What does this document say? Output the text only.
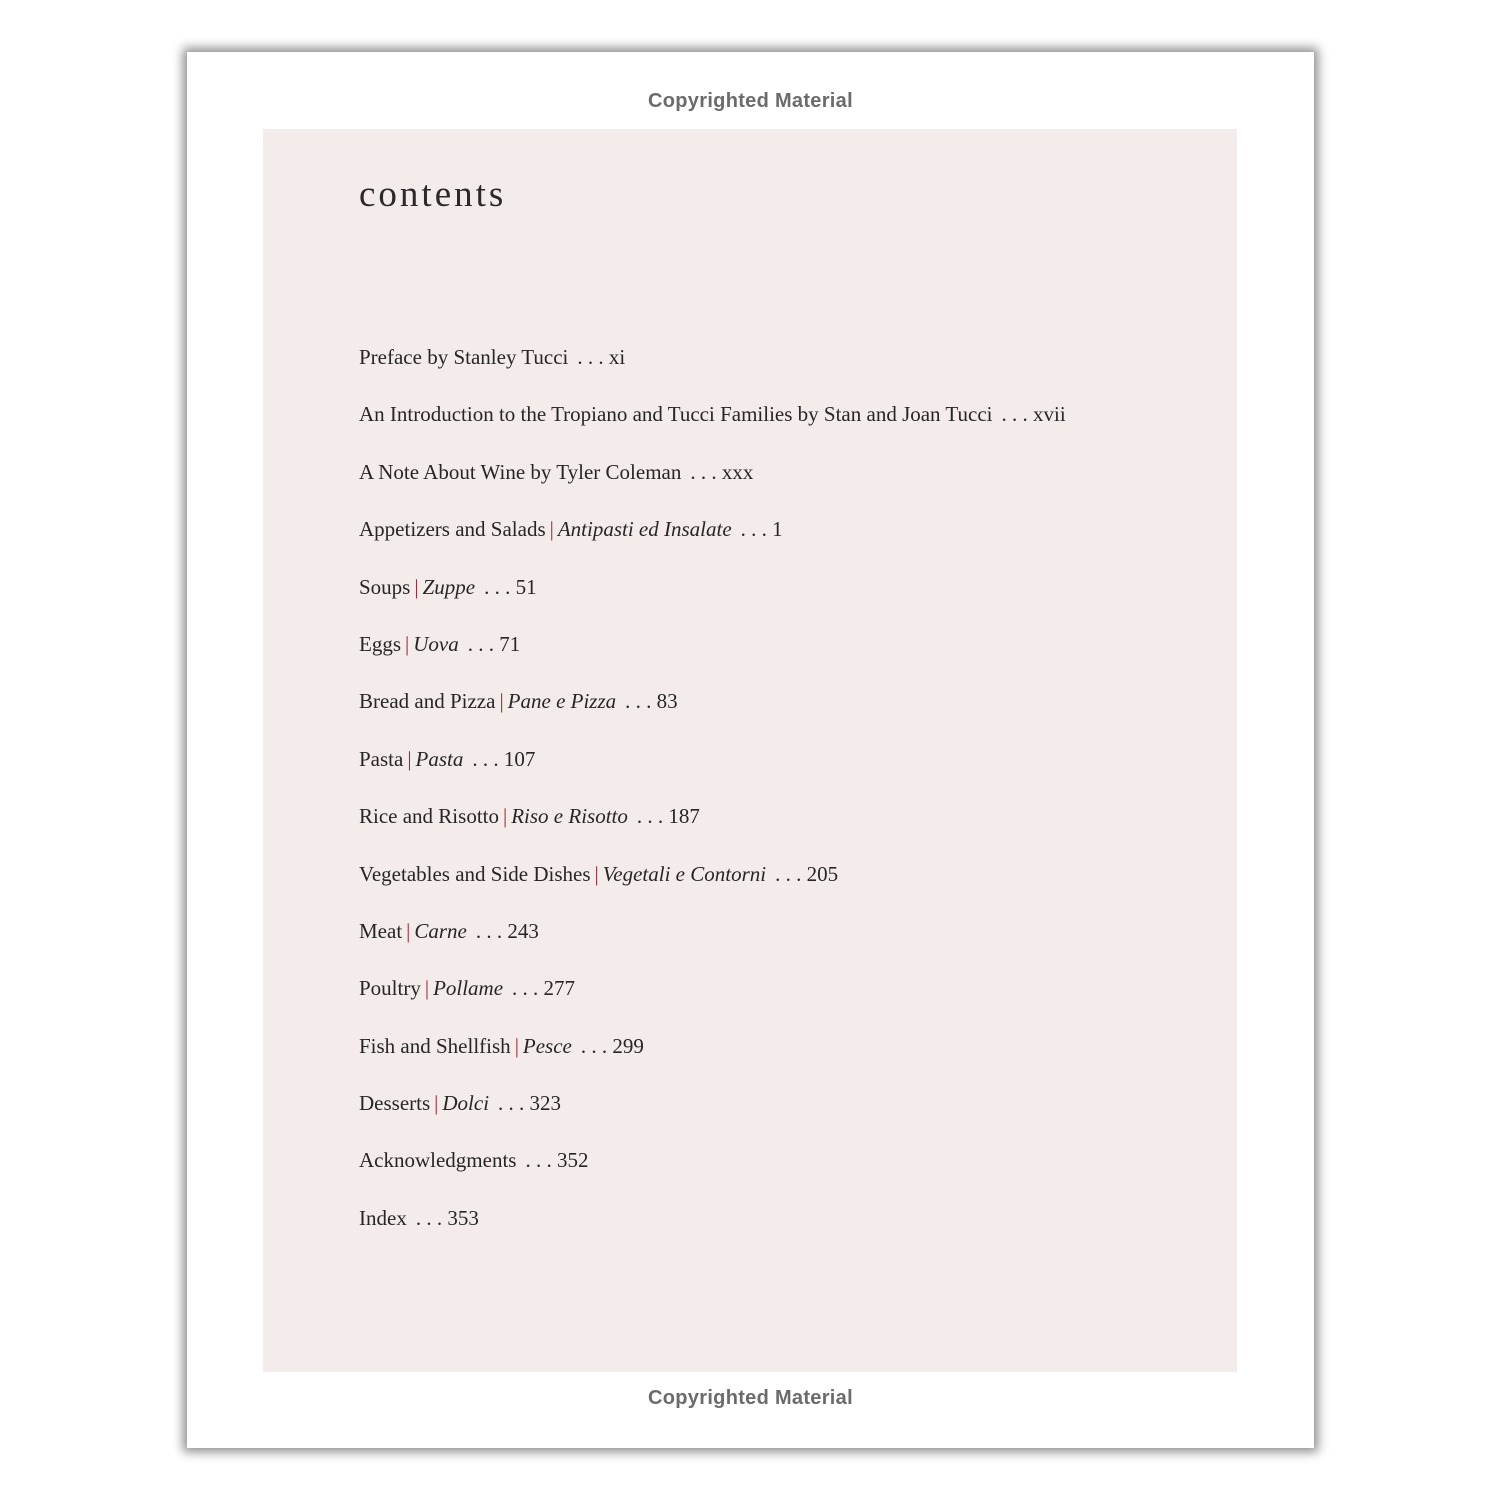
Copyrighted Material
contents
Preface by Stanley Tucci . . . xi
An Introduction to the Tropiano and Tucci Families by Stan and Joan Tucci . . . xvii
A Note About Wine by Tyler Coleman . . . xxx
Appetizers and Salads | Antipasti ed Insalate . . . 1
Soups | Zuppe . . . 51
Eggs | Uova . . . 71
Bread and Pizza | Pane e Pizza . . . 83
Pasta | Pasta . . . 107
Rice and Risotto | Riso e Risotto . . . 187
Vegetables and Side Dishes | Vegetali e Contorni . . . 205
Meat | Carne . . . 243
Poultry | Pollame . . . 277
Fish and Shellfish | Pesce . . . 299
Desserts | Dolci . . . 323
Acknowledgments . . . 352
Index . . . 353
Copyrighted Material
